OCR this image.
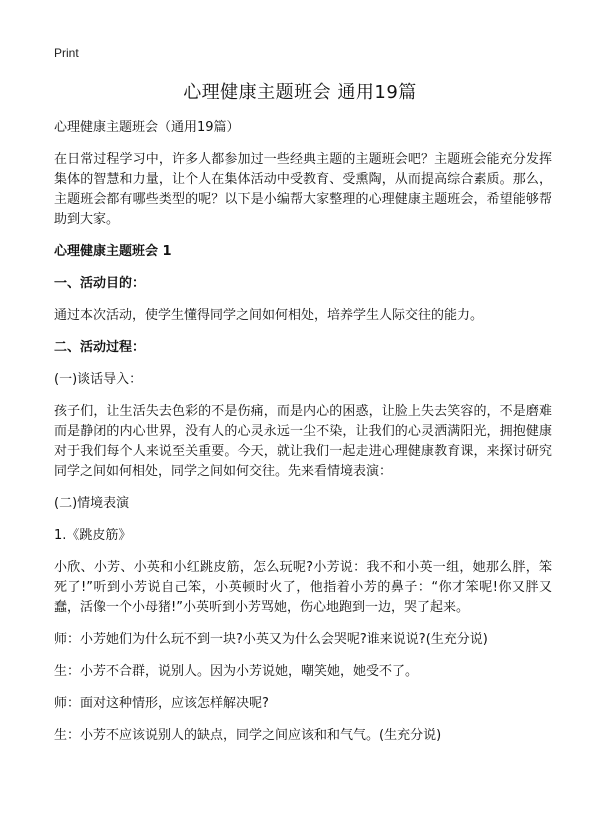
Print
心理健康主题班会 通用19篇

心理健康主题班会（通用19篇）

在日常过程学习中，许多人都参加过一些经典主题的主题班会吧？主题班会能充分发挥集体的智慧和力量，让个人在集体活动中受教育、受熏陶，从而提高综合素质。那么，主题班会都有哪些类型的呢？以下是小编帮大家整理的心理健康主题班会，希望能够帮助到大家。

心理健康主题班会 1

一、活动目的：

通过本次活动，使学生懂得同学之间如何相处，培养学生人际交往的能力。

二、活动过程：

(一)谈话导入：

孩子们，让生活失去色彩的不是伤痛，而是内心的困惑，让脸上失去笑容的，不是磨难而是静闭的内心世界，没有人的心灵永远一尘不染，让我们的心灵洒满阳光，拥抱健康对于我们每个人来说至关重要。今天，就让我们一起走进心理健康教育课，来探讨研究同学之间如何相处，同学之间如何交往。先来看情境表演：

(二)情境表演

1.《跳皮筋》

小欣、小芳、小英和小红跳皮筋，怎么玩呢?小芳说：我不和小英一组，她那么胖，笨死了!”听到小芳说自己笨，小英顿时火了，他指着小芳的鼻子：“你才笨呢!你又胖又蠢，活像一个小母猪!”小英听到小芳骂她，伤心地跑到一边，哭了起来。

师：小芳她们为什么玩不到一块?小英又为什么会哭呢?谁来说说?(生充分说)

生：小芳不合群，说别人。因为小芳说她，嘲笑她，她受不了。

师：面对这种情形，应该怎样解决呢?

生：小芳不应该说别人的缺点，同学之间应该和和气气。(生充分说)
